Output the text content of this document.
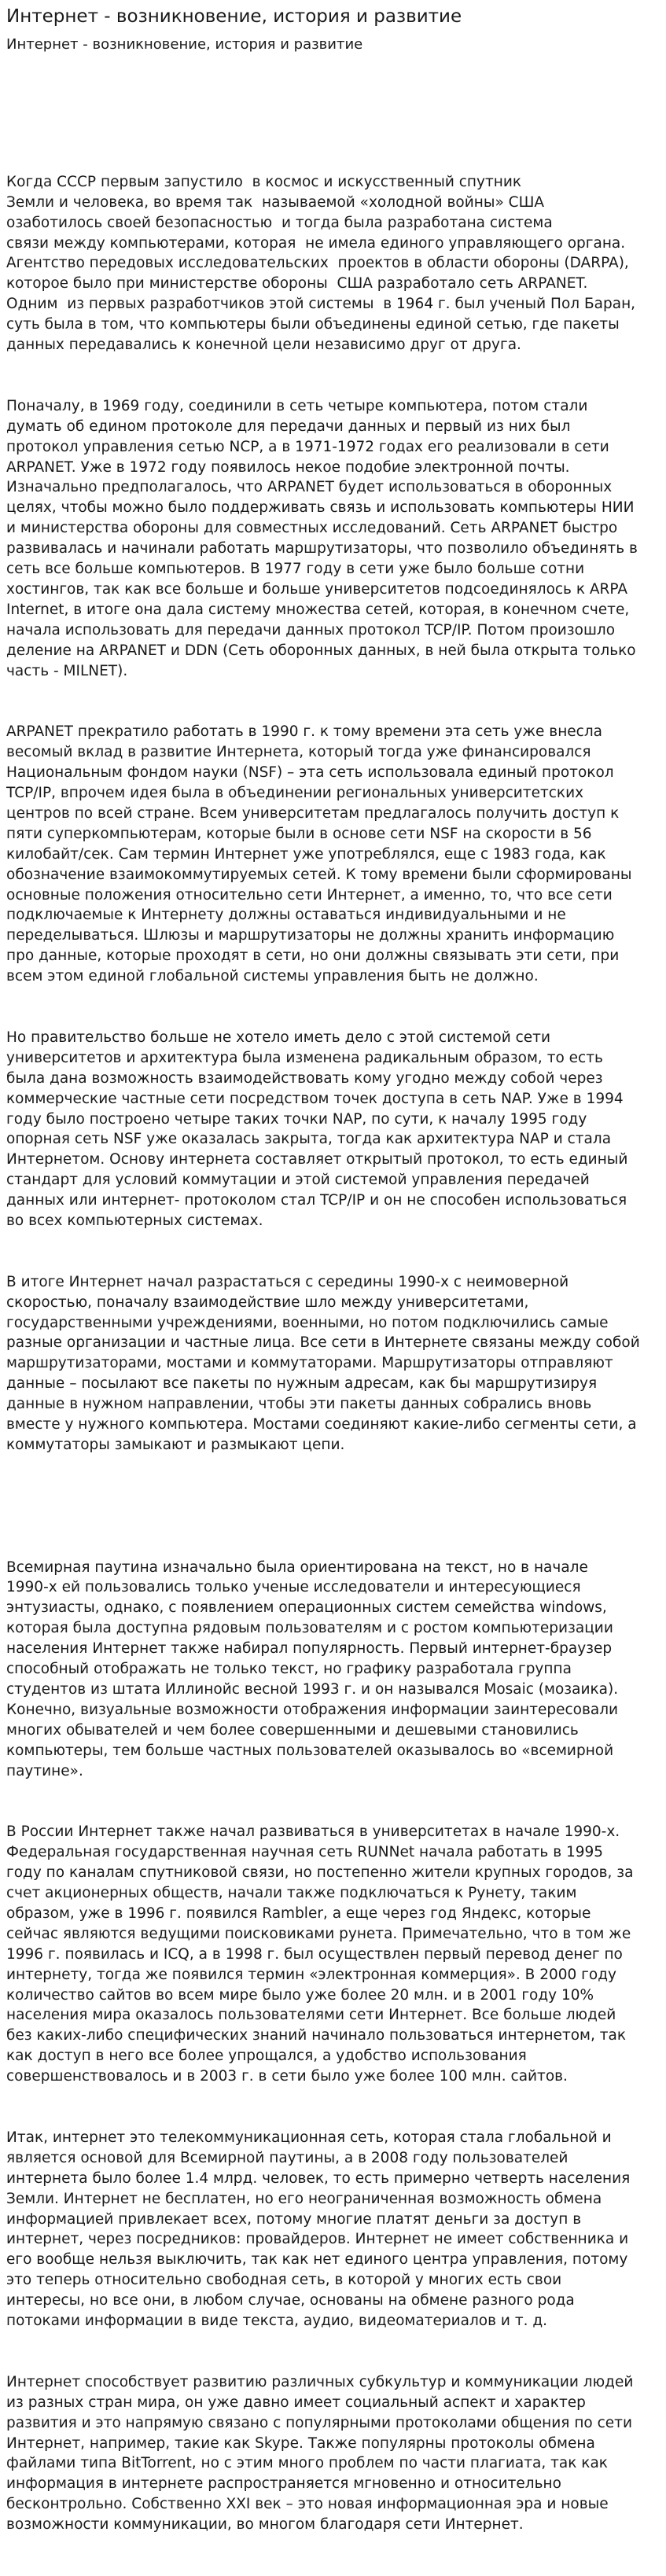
Интернет - возникновение, история и развитие
Интернет - возникновение, история и развитие

Когда СССР первым запустило  в космос и искусственный спутник
Земли и человека, во время так  называемой «холодной войны» США
озаботилось своей безопасностью  и тогда была разработана система
связи между компьютерами, которая  не имела единого управляющего органа.
Агентство передовых исследовательских  проектов в области обороны (DARPA),
которое было при министерстве обороны  США разработало сеть ARPANET.
Одним  из первых разработчиков этой системы  в 1964 г. был ученый Пол Баран,
суть была в том, что компьютеры были объединены единой сетью, где пакеты
данных передавались к конечной цели независимо друг от друга.

Поначалу, в 1969 году, соединили в сеть четыре компьютера, потом стали
думать об едином протоколе для передачи данных и первый из них был
протокол управления сетью NCP, а в 1971-1972 годах его реализовали в сети
ARPANET. Уже в 1972 году появилось некое подобие электронной почты.
Изначально предполагалось, что ARPANET будет использоваться в оборонных
целях, чтобы можно было поддерживать связь и использовать компьютеры НИИ
и министерства обороны для совместных исследований. Сеть ARPANET быстро
развивалась и начинали работать маршрутизаторы, что позволило объединять в
сеть все больше компьютеров. В 1977 году в сети уже было больше сотни
хостингов, так как все больше и больше университетов подсоединялось к ARPA
Internet, в итоге она дала систему множества сетей, которая, в конечном счете,
начала использовать для передачи данных протокол TCP/IP. Потом произошло
деление на ARPANET и DDN (Сеть оборонных данных, в ней была открыта только
часть - MILNET).

ARPANET прекратило работать в 1990 г. к тому времени эта сеть уже внесла
весомый вклад в развитие Интернета, который тогда уже финансировался
Национальным фондом науки (NSF) – эта сеть использовала единый протокол
TCP/IP, впрочем идея была в объединении региональных университетских
центров по всей стране. Всем университетам предлагалось получить доступ к
пяти суперкомпьютерам, которые были в основе сети NSF на скорости в 56
килобайт/сек. Сам термин Интернет уже употреблялся, еще с 1983 года, как
обозначение взаимокоммутируемых сетей. К тому времени были сформированы
основные положения относительно сети Интернет, а именно, то, что все сети
подключаемые к Интернету должны оставаться индивидуальными и не
переделываться. Шлюзы и маршрутизаторы не должны хранить информацию
про данные, которые проходят в сети, но они должны связывать эти сети, при
всем этом единой глобальной системы управления быть не должно.

Но правительство больше не хотело иметь дело с этой системой сети
университетов и архитектура была изменена радикальным образом, то есть
была дана возможность взаимодействовать кому угодно между собой через
коммерческие частные сети посредством точек доступа в сеть NAP. Уже в 1994
году было построено четыре таких точки NAP, по сути, к началу 1995 году
опорная сеть NSF уже оказалась закрыта, тогда как архитектура NAP и стала
Интернетом. Основу интернета составляет открытый протокол, то есть единый
стандарт для условий коммутации и этой системой управления передачей
данных или интернет- протоколом стал TCP/IP и он не способен использоваться
во всех компьютерных системах.

В итоге Интернет начал разрастаться с середины 1990-х с неимоверной
скоростью, поначалу взаимодействие шло между университетами,
государственными учреждениями, военными, но потом подключились самые
разные организации и частные лица. Все сети в Интернете связаны между собой
маршрутизаторами, мостами и коммутаторами. Маршрутизаторы отправляют
данные – посылают все пакеты по нужным адресам, как бы маршрутизируя
данные в нужном направлении, чтобы эти пакеты данных собрались вновь
вместе у нужного компьютера. Мостами соединяют какие-либо сегменты сети, а
коммутаторы замыкают и размыкают цепи.

Всемирная паутина изначально была ориентирована на текст, но в начале
1990-х ей пользовались только ученые исследователи и интересующиеся
энтузиасты, однако, с появлением операционных систем семейства windows,
которая была доступна рядовым пользователям и с ростом компьютеризации
населения Интернет также набирал популярность. Первый интернет-браузер
способный отображать не только текст, но графику разработала группа
студентов из штата Иллинойс весной 1993 г. и он назывался Mosaic (мозаика).
Конечно, визуальные возможности отображения информации заинтересовали
многих обывателей и чем более совершенными и дешевыми становились
компьютеры, тем больше частных пользователей оказывалось во «всемирной
паутине».

В России Интернет также начал развиваться в университетах в начале 1990-х.
Федеральная государственная научная сеть RUNNet начала работать в 1995
году по каналам спутниковой связи, но постепенно жители крупных городов, за
счет акционерных обществ, начали также подключаться к Рунету, таким
образом, уже в 1996 г. появился Rambler, а еще через год Яндекс, которые
сейчас являются ведущими поисковиками рунета. Примечательно, что в том же
1996 г. появилась и ICQ, а в 1998 г. был осуществлен первый перевод денег по
интернету, тогда же появился термин «электронная коммерция». В 2000 году
количество сайтов во всем мире было уже более 20 млн. и в 2001 году 10%
населения мира оказалось пользователями сети Интернет. Все больше людей
без каких-либо специфических знаний начинало пользоваться интернетом, так
как доступ в него все более упрощался, а удобство использования
совершенствовалось и в 2003 г. в сети было уже более 100 млн. сайтов.

Итак, интернет это телекоммуникационная сеть, которая стала глобальной и
является основой для Всемирной паутины, а в 2008 году пользователей
интернета было более 1.4 млрд. человек, то есть примерно четверть населения
Земли. Интернет не бесплатен, но его неограниченная возможность обмена
информацией привлекает всех, потому многие платят деньги за доступ в
интернет, через посредников: провайдеров. Интернет не имеет собственника и
его вообще нельзя выключить, так как нет единого центра управления, потому
это теперь относительно свободная сеть, в которой у многих есть свои
интересы, но все они, в любом случае, основаны на обмене разного рода
потоками информации в виде текста, аудио, видеоматериалов и т. д.

Интернет способствует развитию различных субкультур и коммуникации людей
из разных стран мира, он уже давно имеет социальный аспект и характер
развития и это напрямую связано с популярными протоколами общения по сети
Интернет, например, такие как Skype. Также популярны протоколы обмена
файлами типа BitTorrent, но с этим много проблем по части плагиата, так как
информация в интернете распространяется мгновенно и относительно
бесконтрольно. Собственно XXI век – это новая информационная эра и новые
возможности коммуникации, во многом благодаря сети Интернет.
